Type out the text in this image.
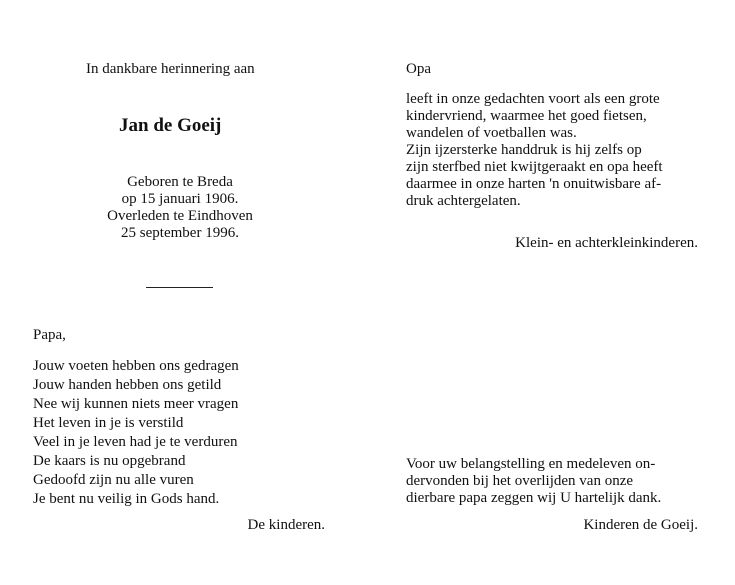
In dankbare herinnering aan
Jan de Goeij
Geboren te Breda
op 15 januari 1906.
Overleden te Eindhoven
25 september 1996.
Papa,
Jouw voeten hebben ons gedragen
Jouw handen hebben ons getild
Nee wij kunnen niets meer vragen
Het leven in je is verstild
Veel in je leven had je te verduren
De kaars is nu opgebrand
Gedoofd zijn nu alle vuren
Je bent nu veilig in Gods hand.
De kinderen.
Opa
leeft in onze gedachten voort als een grote
kindervriend, waarmee het goed fietsen,
wandelen of voetballen was.
Zijn ijzersterke handdruk is hij zelfs op
zijn sterfbed niet kwijtgeraakt en opa heeft
daarmee in onze harten 'n onuitwisbare af-
druk achtergelaten.
Klein- en achterkleinkinderen.
Voor uw belangstelling en medeleven on-
dervonden bij het overlijden van onze
dierbare papa zeggen wij U hartelijk dank.
Kinderen de Goeij.
